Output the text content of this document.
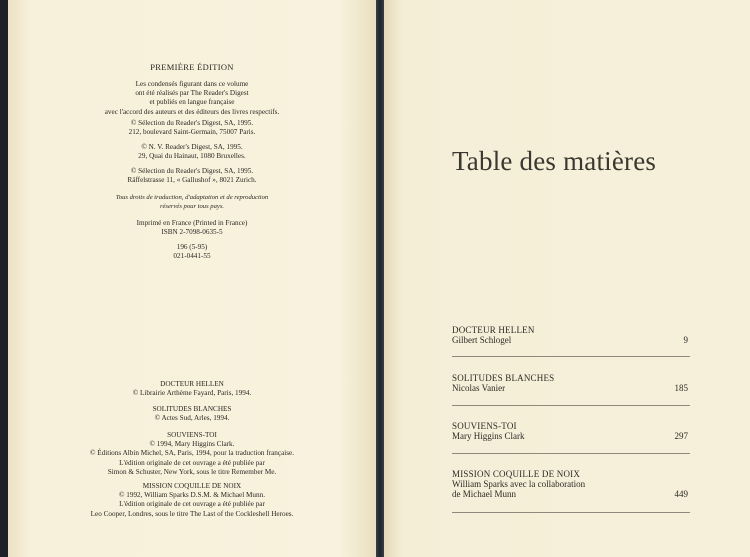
PREMIÈRE ÉDITION
Les condensés figurant dans ce volume
ont été réalisés par The Reader's Digest
et publiés en langue française
avec l'accord des auteurs et des éditeurs des livres respectifs.
© Sélection du Reader's Digest, SA, 1995.
212, boulevard Saint-Germain, 75007 Paris.
© N. V. Reader's Digest, SA, 1995.
29, Quai du Hainaut, 1080 Bruxelles.
© Sélection du Reader's Digest, SA, 1995.
Räffelstrasse 11, « Gallushof », 8021 Zurich.
Tous droits de traduction, d'adaptation et de reproduction
réservés pour tous pays.
Imprimé en France (Printed in France)
ISBN 2-7098-0635-5
196 (5-95)
021-0441-55
DOCTEUR HELLEN
© Librairie Arthème Fayard, Paris, 1994.
SOLITUDES BLANCHES
© Actes Sud, Arles, 1994.
SOUVIENS-TOI
© 1994, Mary Higgins Clark.
© Éditions Albin Michel, SA, Paris, 1994, pour la traduction française.
L'édition originale de cet ouvrage a été publiée par
Simon & Schuster, New York, sous le titre Remember Me.
MISSION COQUILLE DE NOIX
© 1992, William Sparks D.S.M. & Michael Munn.
L'édition originale de cet ouvrage a été publiée par
Leo Cooper, Londres, sous le titre The Last of the Cockleshell Heroes.
Table des matières
DOCTEUR HELLEN
Gilbert Schlogel	9
SOLITUDES BLANCHES
Nicolas Vanier	185
SOUVIENS-TOI
Mary Higgins Clark	297
MISSION COQUILLE DE NOIX
William Sparks avec la collaboration
de Michael Munn	449
